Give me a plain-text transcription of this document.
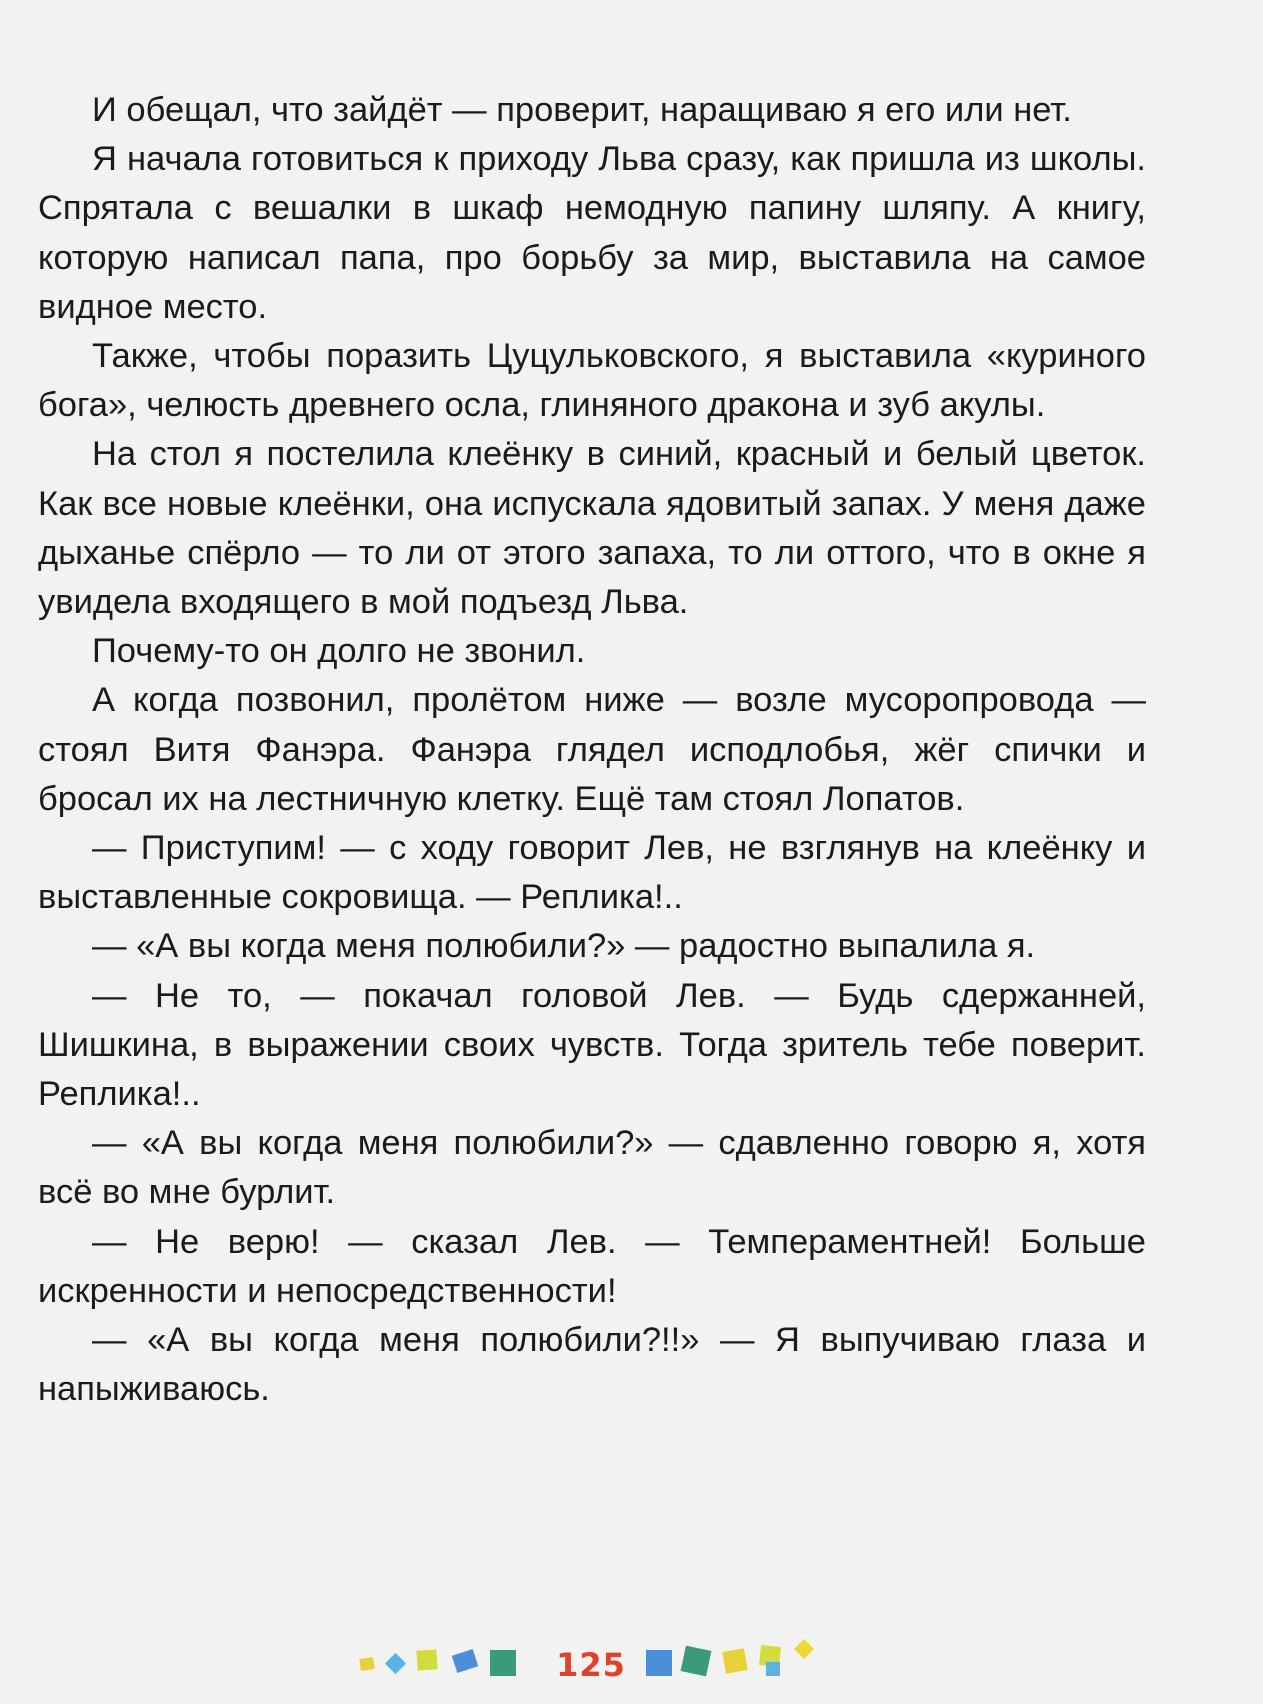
И обещал, что зайдёт — проверит, наращиваю я его или нет.

Я начала готовиться к приходу Льва сразу, как пришла из школы. Спрятала с вешалки в шкаф немодную папину шляпу. А книгу, которую написал папа, про борьбу за мир, выставила на самое видное место.

Также, чтобы поразить Цуцульковского, я выставила «куриного бога», челюсть древнего осла, глиняного дракона и зуб акулы.

На стол я постелила клеёнку в синий, красный и белый цветок. Как все новые клеёнки, она испускала ядовитый запах. У меня даже дыханье спёрло — то ли от этого запаха, то ли оттого, что в окне я увидела входящего в мой подъезд Льва.

Почему-то он долго не звонил.

А когда позвонил, пролётом ниже — возле мусоропровода — стоял Витя Фанэра. Фанэра глядел исподлобья, жёг спички и бросал их на лестничную клетку. Ещё там стоял Лопатов.

— Приступим! — с ходу говорит Лев, не взглянув на клеёнку и выставленные сокровища. — Реплика!..

— «А вы когда меня полюбили?» — радостно выпалила я.

— Не то, — покачал головой Лев. — Будь сдержанней, Шишкина, в выражении своих чувств. Тогда зритель тебе поверит. Реплика!..

— «А вы когда меня полюбили?» — сдавленно говорю я, хотя всё во мне бурлит.

— Не верю! — сказал Лев. — Темпераментней! Больше искренности и непосредственности!

— «А вы когда меня полюбили?!!» — Я выпучиваю глаза и напыживаюсь.

125
